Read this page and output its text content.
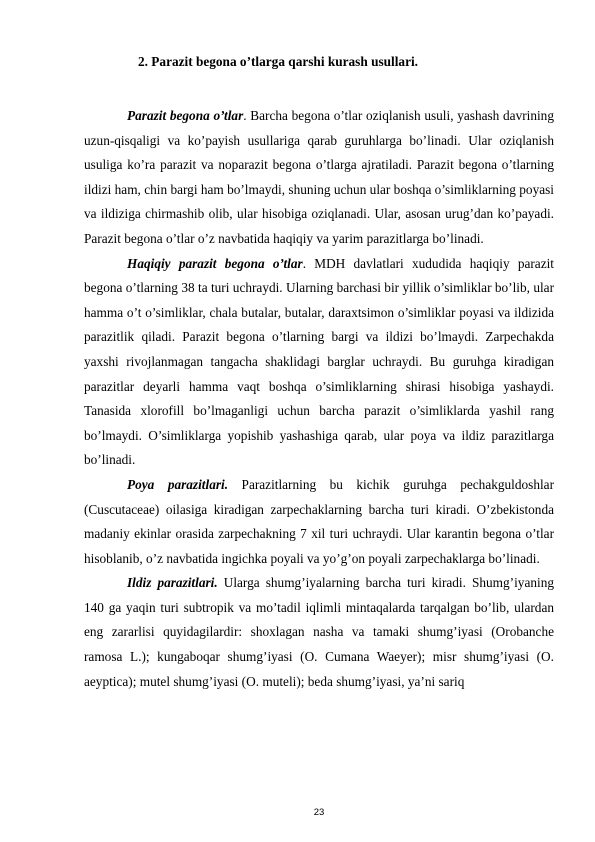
2. Parazit begona o’tlarga qarshi kurash usullari.

Parazit begona o’tlar. Barcha begona o’tlar oziqlanish usuli, yashash davrining uzun-qisqaligi va ko’payish usullariga qarab guruhlarga bo’linadi. Ular oziqlanish usuliga ko’ra parazit va noparazit begona o’tlarga ajratiladi. Parazit begona o’tlarning ildizi ham, chin bargi ham bo’lmaydi, shuning uchun ular boshqa o’simliklarning poyasi va ildiziga chirmashib olib, ular hisobiga oziqlanadi. Ular, asosan urug’dan ko’payadi. Parazit begona o’tlar o’z navbatida haqiqiy va yarim parazitlarga bo’linadi.

Haqiqiy parazit begona o’tlar. MDH davlatlari xududida haqiqiy parazit begona o’tlarning 38 ta turi uchraydi. Ularning barchasi bir yillik o’simliklar bo’lib, ular hamma o’t o’simliklar, chala butalar, butalar, daraxtsimon o’simliklar poyasi va ildizida parazitlik qiladi. Parazit begona o’tlarning bargi va ildizi bo’lmaydi. Zarpechakda yaxshi rivojlanmagan tangacha shaklidagi barglar uchraydi. Bu guruhga kiradigan parazitlar deyarli hamma vaqt boshqa o’simliklarning shirasi hisobiga yashaydi. Tanasida xlorofill bo’lmaganligi uchun barcha parazit o’simliklarda yashil rang bo’lmaydi. O’simliklarga yopishib yashashiga qarab, ular poya va ildiz parazitlarga bo’linadi.

Poya parazitlari. Parazitlarning bu kichik guruhga pechakguldoshlar (Cuscutaceae) oilasiga kiradigan zarpechaklarning barcha turi kiradi. O’zbekistonda madaniy ekinlar orasida zarpechakning 7 xil turi uchraydi. Ular karantin begona o’tlar hisoblanib, o’z navbatida ingichka poyali va yo’g’on poyali zarpechaklarga bo’linadi.

Ildiz parazitlari. Ularga shumg’iyalarning barcha turi kiradi. Shumg’iyaning 140 ga yaqin turi subtropik va mo’tadil iqlimli mintaqalarda tarqalgan bo’lib, ulardan eng zararlisi quyidagilardir: shoxlagan nasha va tamaki shumg’iyasi (Orobanche ramosa L.); kungaboqar shumg’iyasi (O. Cumana Waeyer); misr shumg’iyasi (O. aeyptica); mutel shumg’iyasi (O. muteli); beda shumg’iyasi, ya’ni sariq

23
